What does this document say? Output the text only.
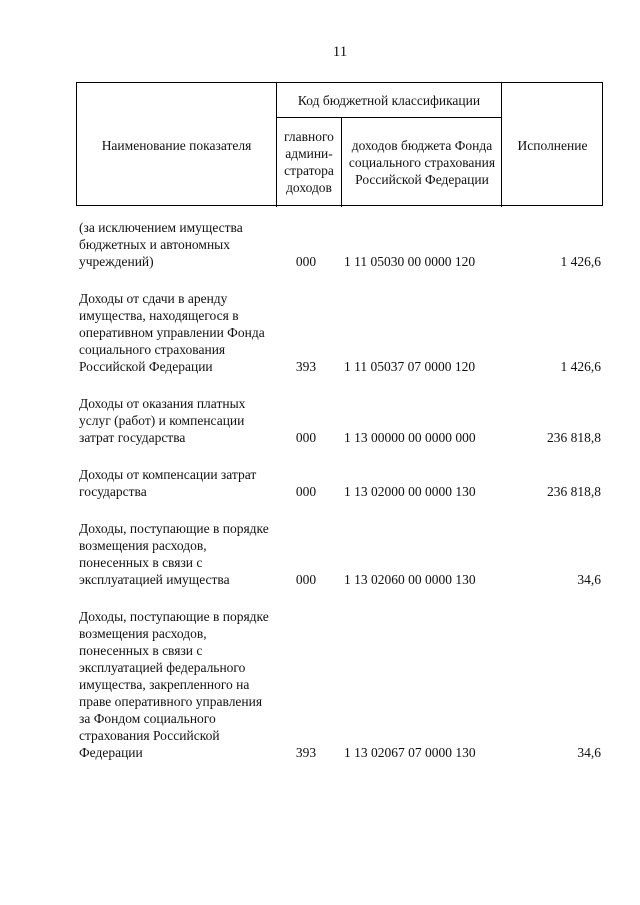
11
Наименование показателя
Код бюджетной классификации
главного админи-стратора доходов
доходов бюджета Фонда социального страхования Российской Федерации
Исполнение
(за исключением имущества бюджетных и автономных учреждений)	000	1 11 05030 00 0000 120	1 426,6
Доходы от сдачи в аренду имущества, находящегося в оперативном управлении Фонда социального страхования Российской Федерации	393	1 11 05037 07 0000 120	1 426,6
Доходы от оказания платных услуг (работ) и компенсации затрат государства	000	1 13 00000 00 0000 000	236 818,8
Доходы от компенсации затрат государства	000	1 13 02000 00 0000 130	236 818,8
Доходы, поступающие в порядке возмещения расходов, понесенных в связи с эксплуатацией имущества	000	1 13 02060 00 0000 130	34,6
Доходы, поступающие в порядке возмещения расходов, понесенных в связи с эксплуатацией федерального имущества, закрепленного на праве оперативного управления за Фондом социального страхования Российской Федерации	393	1 13 02067 07 0000 130	34,6
